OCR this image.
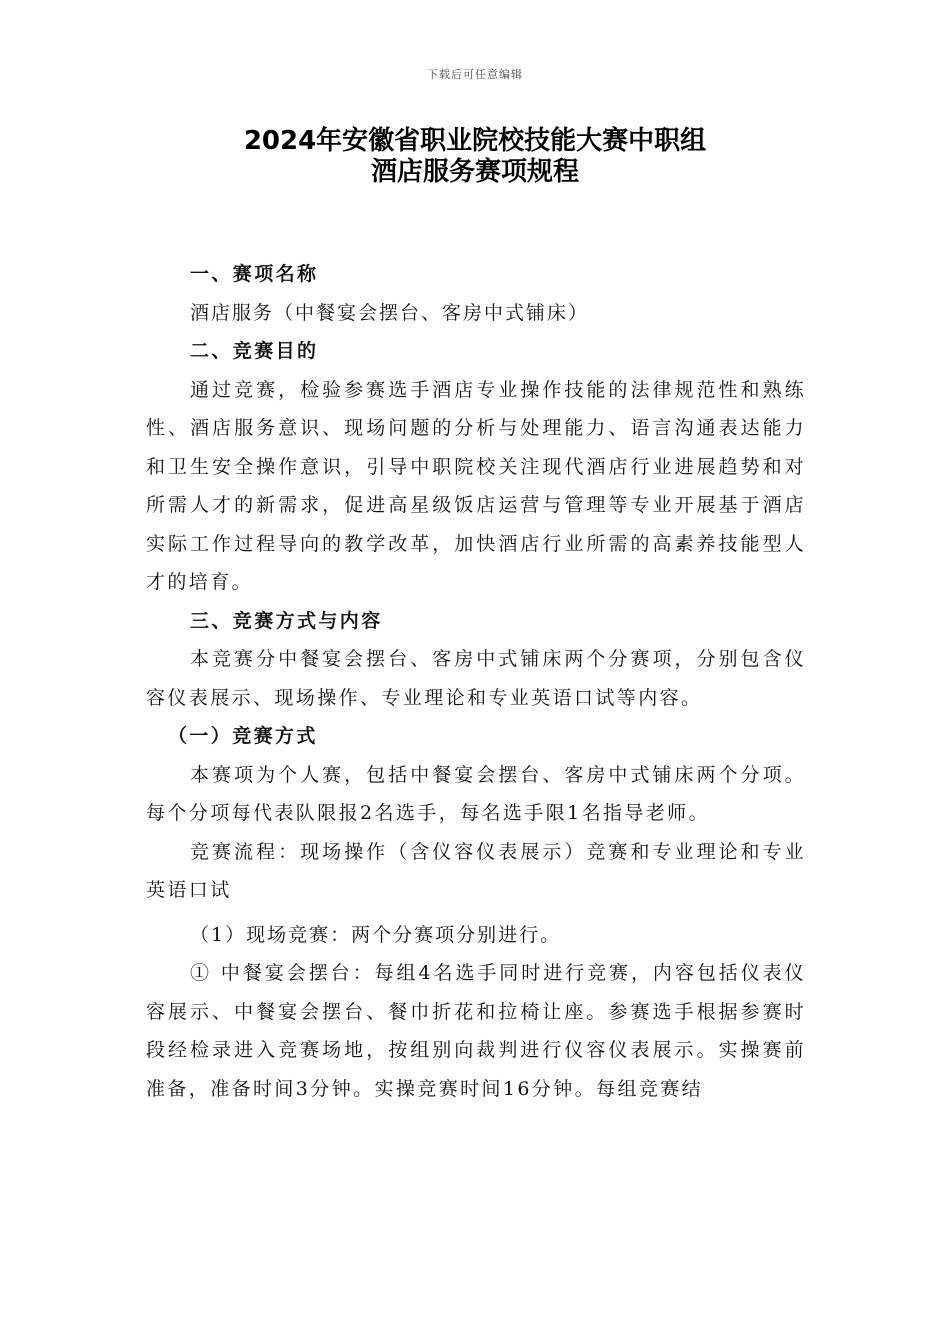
下载后可任意编辑
2024年安徽省职业院校技能大赛中职组
酒店服务赛项规程

一、赛项名称

酒店服务（中餐宴会摆台、客房中式铺床）

二、竞赛目的

通过竞赛，检验参赛选手酒店专业操作技能的法律规范性和熟练性、酒店服务意识、现场问题的分析与处理能力、语言沟通表达能力和卫生安全操作意识，引导中职院校关注现代酒店行业进展趋势和对所需人才的新需求，促进高星级饭店运营与管理等专业开展基于酒店实际工作过程导向的教学改革，加快酒店行业所需的高素养技能型人才的培育。

三、竞赛方式与内容

本竞赛分中餐宴会摆台、客房中式铺床两个分赛项，分别包含仪容仪表展示、现场操作、专业理论和专业英语口试等内容。

（一）竞赛方式

本赛项为个人赛，包括中餐宴会摆台、客房中式铺床两个分项。每个分项每代表队限报2名选手，每名选手限1名指导老师。

竞赛流程：现场操作（含仪容仪表展示）竞赛和专业理论和专业英语口试

（1）现场竞赛：两个分赛项分别进行。

① 中餐宴会摆台：每组4名选手同时进行竞赛，内容包括仪表仪容展示、中餐宴会摆台、餐巾折花和拉椅让座。参赛选手根据参赛时段经检录进入竞赛场地，按组别向裁判进行仪容仪表展示。实操赛前准备，准备时间3分钟。实操竞赛时间16分钟。每组竞赛结
